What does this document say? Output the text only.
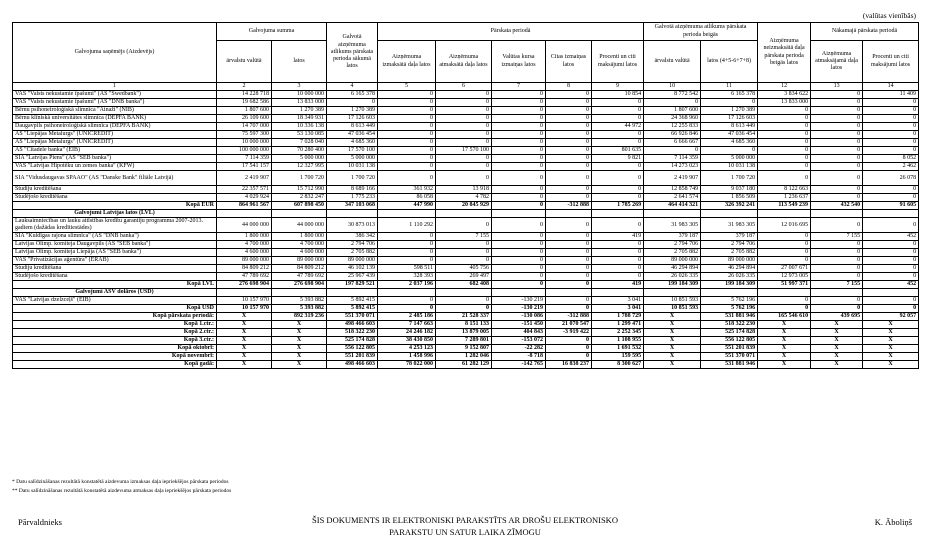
(valūtas vienībās)
Galvojuma saņēmējs (Aizdevējs)	Galvojuma summa		Galvotā aizņēmuma atlikums pārskata perioda sākumā latos	Pārskata periodā					Galvotā aizņēmuma atlikums pārskata perioda beigās		Aizņēmuma neizmaksātā daļa pārskata perioda beigās latos	Nākamajā pārskata periodā	
	ārvalstu valūtā	latos		Aizņēmuma izmaksātā daļa latos	Aizņēmuma atmaksātā daļa latos	Valūtas kursa izmaiņas latos	Citas izmaiņas latos	Procenti un citi maksājumi latos	ārvalstu valūtā	latos (4+5-6+7+8)		Aizņēmuma atmaksājamā daļa latos	Procenti un citi maksājumi latos
1	2	3	4	5	6	7	8	9	10	11	12	13	14
VAS "Valsts nekustamie īpašumi" (AS "Swedbank")	14 228 718	10 000 000	6 165 378	0	0	0	0	10 854	8 772 542	6 165 378	3 834 622	0	11 409
VAS "Valsts nekustamie īpašumi" (AS "DNB banka")	19 682 586	13 833 000	0	0	0	0	0	0	0	0	13 833 000	0	0
Bērnu psihoneiroloģiskā slimnīca "Ainaži" (NIB)	1 807 600	1 270 389	1 270 389	0	0	0	0	0	1 807 600	1 270 389	0	0	0
Bērnu klīniskā universitātes slimnīca (DEPFA BANK)	26 109 600	18 349 931	17 126 603	0	0	0	0	0	24 368 960	17 126 603	0	0	0
Daugavpils psihoneiroloģiskā slimnīca (DEPFA BANK)	14 707 000	10 336 138	8 613 449	0	0	0	0	44 972	12 255 833	8 613 449	0	0	0
AS "Liepājas Metalurgs" (UNICREDIT)	75 597 300	53 130 085	47 036 454	0	0	0	0	0	66 926 846	47 036 454	0	0	0
AS "Liepājas Metalurgs" (UNICREDIT)	10 000 000	7 028 040	4 685 360	0	0	0	0	0	6 666 667	4 685 360	0	0	0
AS "Citadele banka" (EIB)	100 000 000	70 280 400	17 570 100	0	17 570 100	0	0	801 635	0	0	0	0	0
SIA "Latvijas Piens" (AS "SEB banka")	7 114 359	5 000 000	5 000 000	0	0	0	0	9 821	7 114 359	5 000 000	0	0	8 052
VAS "Latvijas Hipotēku un zemes banka" (KFW)	17 541 157	12 327 995	10 031 138	0	0	0	0	0	14 273 023	10 031 138	0	0	2 462
SIA "Vidusdaugavas SPAAO" (AS "Danske Bank" filiāle Latvijā)	2 419 907	1 700 720	1 700 720	0	0	0	0	0	2 419 907	1 700 720	0	0	26 078
Studiju kreditēšana	22 357 571	15 712 990	8 689 166	361 932	13 918	0	0	0	12 858 749	9 037 180	8 122 663	0	0
Studējošo kreditēšana	4 029 924	2 832 247	1 775 233	86 058	4 782	0	0	0	2 641 574	1 856 509	1 236 637	0	0
Kopā EUR	864 961 567	607 898 450	347 103 068	447 990	20 845 929	0	-312 888	1 785 269	464 414 321	326 392 241	113 549 239	432 540	91 605
Galvojumi Latvijas latos (LVL)													
Lauksaimniecības un lauku attīstības kredītu garantiju programma 2007-2013. gadiem (dažādas kredītiestādes)	44 000 000	44 000 000	30 873 013	1 110 292	0	0	0	0	31 983 305	31 983 305	12 016 695	0	0
SIA "Kuldīgas rajona slimnīca" (AS "DNB banka")	1 800 000	1 800 000	386 342	0	7 155	0	0	419	379 187	379 187	0	7 155	452
Latvijas Olimp. komiteja Daugavpils (AS "SEB banka")	4 700 000	4 700 000	2 794 706	0	0	0	0	0	2 794 706	2 794 706	0	0	0
Latvijas Olimp. komiteja Liepāja (AS "SEB banka")	4 600 000	4 600 000	2 705 882	0	0	0	0	0	2 705 882	2 705 882	0	0	0
VAS "Privatizācijas aģentūra" (ERAB)	89 000 000	89 000 000	89 000 000	0	0	0	0	0	89 000 000	89 000 000	0	0	0
Studiju kreditēšana	84 809 212	84 809 212	46 102 139	598 511	405 756	0	0	0	46 294 894	46 294 894	27 007 671	0	0
Studējošo kreditēšana	47 789 692	47 789 692	25 967 439	328 393	269 497	0	0	0	26 026 335	26 026 335	12 973 005	0	0
Kopā LVL	276 698 904	276 698 904	197 829 521	2 037 196	682 408	0	0	419	199 184 309	199 184 309	51 997 371	7 155	452
Galvojumi ASV dolāros (USD)													
VAS "Latvijas dzelzceļš" (EIB)	10 157 970	5 393 882	5 892 415	0	0	-130 219	0	3 041	10 851 593	5 762 196	0	0	0
Kopā USD	10 157 970	5 393 882	5 892 415	0	0	-130 219	0	3 041	10 851 593	5 762 196	0	0	0
Kopā pārskata periodā:	X	892 319 236	551 370 071	2 485 186	21 528 337	-130 086	-312 888	1 788 729	X	531 881 946	165 546 610	439 695	92 057
Kopā 1.ctr.:	X	X	498 466 603	7 147 663	8 151 133	-151 450	21 070 547	1 299 471	X	518 322 230	X	X	X
Kopā 2.ctr.:	X	X	518 322 230	24 246 182	13 879 005	404 843	-3 919 422	2 252 345	X	525 174 828	X	X	X
Kopā 3.ctr.:	X	X	525 174 828	38 430 850	7 289 801	-153 072	0	1 108 955	X	556 122 805	X	X	X
Kopā oktobrī:	X	X	556 122 805	4 253 123	9 152 807	-22 282	0	1 691 532	X	551 201 839	X	X	X
Kopā novembrī:	X	X	551 201 839	1 458 996	1 282 046	-8 718	0	159 595	X	551 370 071	X	X	X
Kopā gadā:	X	X	498 466 603	78 022 000	61 282 129	-142 765	16 838 237	8 300 627	X	531 881 946	X	X	X
* Datu salīdzināšanas rezultātā konstatētā aizdevuma izmaksas daļa iepriekšējos pārskata periodos
** Datu salīdzināšanas rezultātā konstatētā aizdevuma atmaksas daļa iepriekšējos pārskata periodos
Pārvaldnieks	ŠIS DOKUMENTS IR ELEKTRONISKI PARAKSTĪTS AR DROŠU ELEKTRONISKO
PARAKSTU UN SATUR LAIKA ZĪMOGU
K. Āboliņš
